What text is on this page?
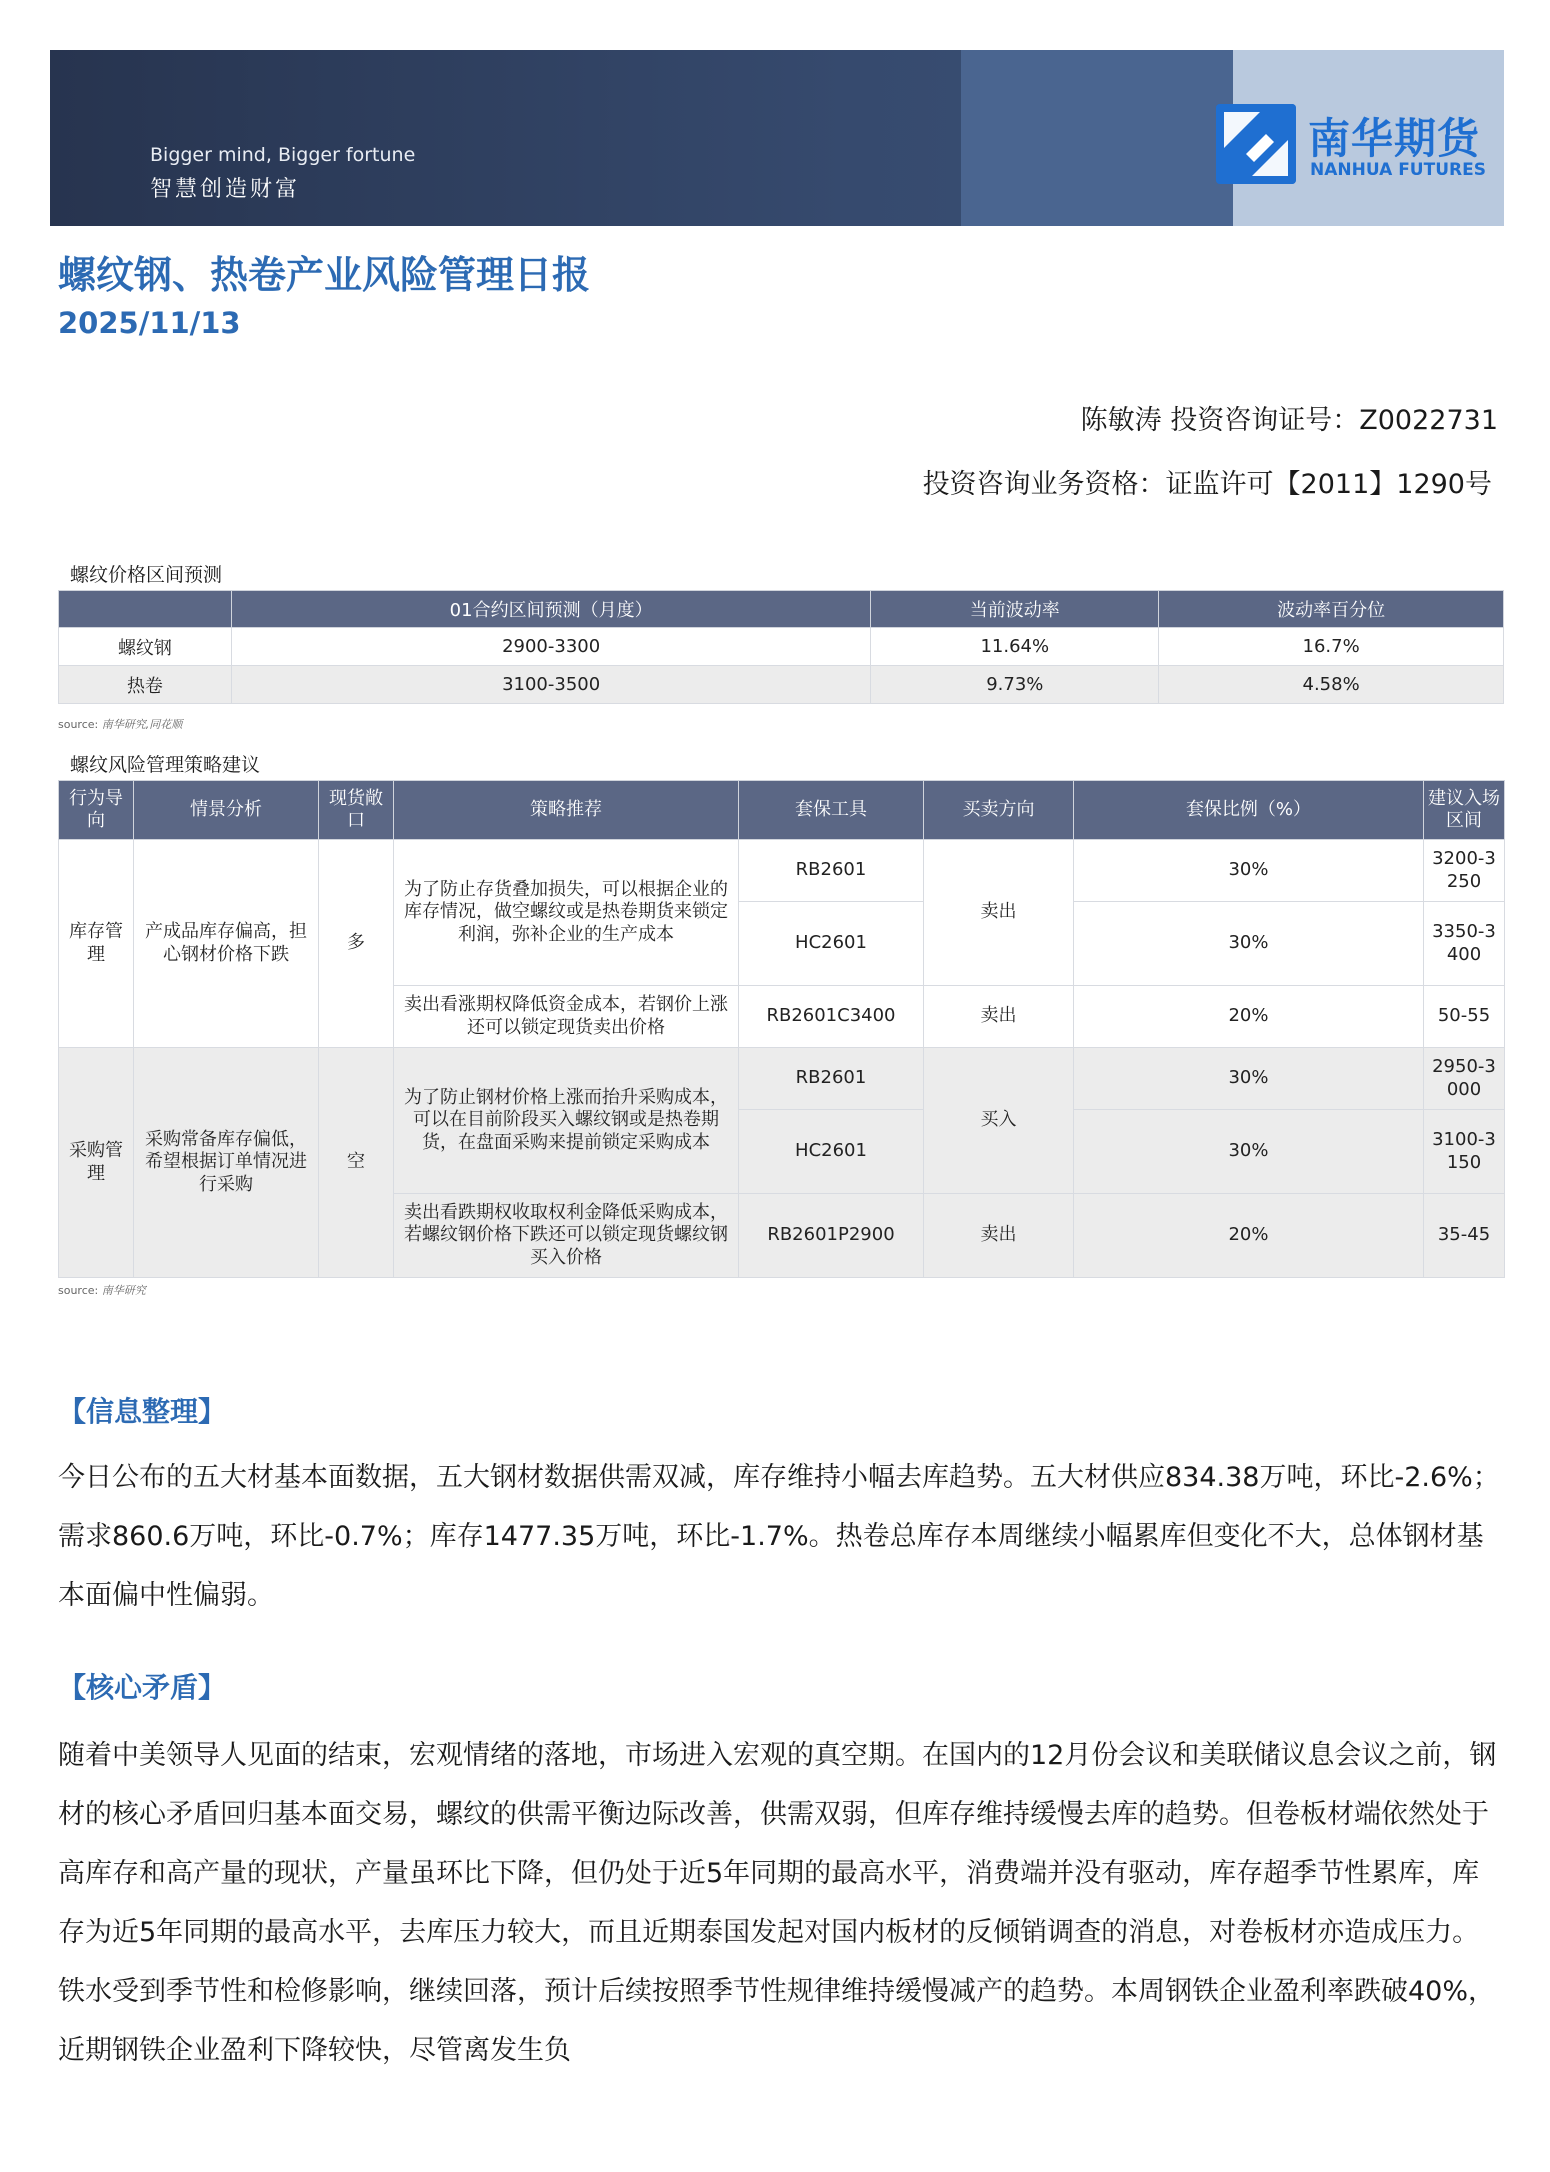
Bigger mind, Bigger fortune
智慧创造财富
南华期货
NANHUA FUTURES
螺纹钢、热卷产业风险管理日报
2025/11/13
陈敏涛 投资咨询证号：Z0022731
投资咨询业务资格：证监许可【2011】1290号
螺纹价格区间预测
	01合约区间预测（月度）	当前波动率	波动率百分位
螺纹钢	2900-3300	11.64%	16.7%
热卷	3100-3500	9.73%	4.58%
source: 南华研究,同花顺
螺纹风险管理策略建议
行为导向	情景分析	现货敞口	策略推荐	套保工具	买卖方向	套保比例（%）	建议入场区间
库存管理	产成品库存偏高，担心钢材价格下跌	多	为了防止存货叠加损失，可以根据企业的库存情况，做空螺纹或是热卷期货来锁定利润，弥补企业的生产成本	RB2601	卖出	30%	3200-3250
				HC2601		30%	3350-3400
			卖出看涨期权降低资金成本，若钢价上涨还可以锁定现货卖出价格	RB2601C3400	卖出	20%	50-55
采购管理	采购常备库存偏低，希望根据订单情况进行采购	空	为了防止钢材价格上涨而抬升采购成本，可以在目前阶段买入螺纹钢或是热卷期货，在盘面采购来提前锁定采购成本	RB2601	买入	30%	2950-3000
				HC2601		30%	3100-3150
			卖出看跌期权收取权利金降低采购成本，若螺纹钢价格下跌还可以锁定现货螺纹钢买入价格	RB2601P2900	卖出	20%	35-45
source: 南华研究
【信息整理】
今日公布的五大材基本面数据，五大钢材数据供需双减，库存维持小幅去库趋势。五大材供应834.38万吨，环比-2.6%；需求860.6万吨，环比-0.7%；库存1477.35万吨，环比-1.7%。热卷总库存本周继续小幅累库但变化不大，总体钢材基本面偏中性偏弱。
【核心矛盾】
随着中美领导人见面的结束，宏观情绪的落地，市场进入宏观的真空期。在国内的12月份会议和美联储议息会议之前，钢材的核心矛盾回归基本面交易，螺纹的供需平衡边际改善，供需双弱，但库存维持缓慢去库的趋势。但卷板材端依然处于高库存和高产量的现状，产量虽环比下降，但仍处于近5年同期的最高水平，消费端并没有驱动，库存超季节性累库，库存为近5年同期的最高水平，去库压力较大，而且近期泰国发起对国内板材的反倾销调查的消息，对卷板材亦造成压力。铁水受到季节性和检修影响，继续回落，预计后续按照季节性规律维持缓慢减产的趋势。本周钢铁企业盈利率跌破40%，近期钢铁企业盈利下降较快，尽管离发生负
